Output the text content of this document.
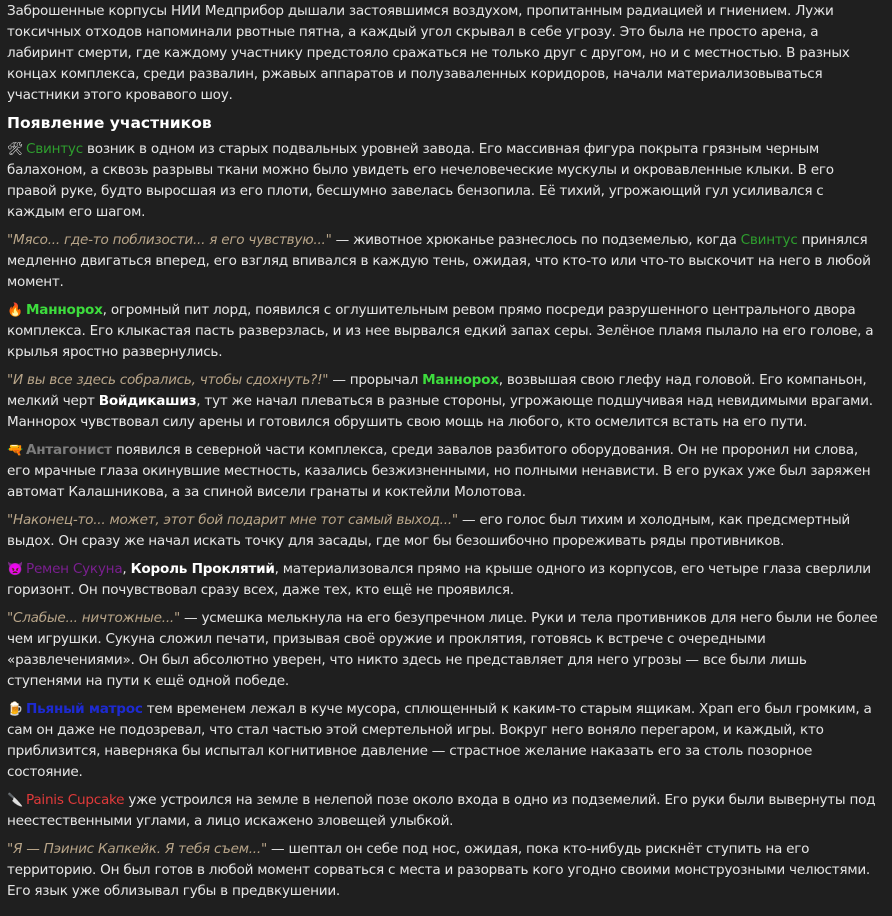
Заброшенные корпусы НИИ Медприбор дышали застоявшимся воздухом, пропитанным радиацией и гниением. Лужи токсичных отходов напоминали рвотные пятна, а каждый угол скрывал в себе угрозу. Это была не просто арена, а лабиринт смерти, где каждому участнику предстояло сражаться не только друг с другом, но и с местностью. В разных концах комплекса, среди развалин, ржавых аппаратов и полузаваленных коридоров, начали материализовываться участники этого кровавого шоу.

Появление участников

🛠 Свинтус возник в одном из старых подвальных уровней завода. Его массивная фигура покрыта грязным черным балахоном, а сквозь разрывы ткани можно было увидеть его нечеловеческие мускулы и окровавленные клыки. В его правой руке, будто выросшая из его плоти, бесшумно завелась бензопила. Её тихий, угрожающий гул усиливался с каждым его шагом.

"Мясо... где-то поблизости... я его чувствую..." — животное хрюканье разнеслось по подземелью, когда Свинтус принялся медленно двигаться вперед, его взгляд впивался в каждую тень, ожидая, что кто-то или что-то выскочит на него в любой момент.

🔥 Маннорох, огромный пит лорд, появился с оглушительным ревом прямо посреди разрушенного центрального двора комплекса. Его клыкастая пасть разверзлась, и из нее вырвался едкий запах серы. Зелёное пламя пылало на его голове, а крылья яростно развернулись.

"И вы все здесь собрались, чтобы сдохнуть?!" — прорычал Маннорох, возвышая свою глефу над головой. Его компаньон, мелкий черт Войдикашиз, тут же начал плеваться в разные стороны, угрожающе подшучивая над невидимыми врагами. Маннорох чувствовал силу арены и готовился обрушить свою мощь на любого, кто осмелится встать на его пути.

🔫 Антагонист появился в северной части комплекса, среди завалов разбитого оборудования. Он не проронил ни слова, его мрачные глаза окинувшие местность, казались безжизненными, но полными ненависти. В его руках уже был заряжен автомат Калашникова, а за спиной висели гранаты и коктейли Молотова.

"Наконец-то... может, этот бой подарит мне тот самый выход..." — его голос был тихим и холодным, как предсмертный выдох. Он сразу же начал искать точку для засады, где мог бы безошибочно прореживать ряды противников.

👿 Ремен Сукуна, Король Проклятий, материализовался прямо на крыше одного из корпусов, его четыре глаза сверлили горизонт. Он почувствовал сразу всех, даже тех, кто ещё не проявился.

"Слабые... ничтожные..." — усмешка мелькнула на его безупречном лице. Руки и тела противников для него были не более чем игрушки. Сукуна сложил печати, призывая своё оружие и проклятия, готовясь к встрече с очередными «развлечениями». Он был абсолютно уверен, что никто здесь не представляет для него угрозы — все были лишь ступенями на пути к ещё одной победе.

🍺 Пьяный матрос тем временем лежал в куче мусора, сплющенный к каким-то старым ящикам. Храп его был громким, а сам он даже не подозревал, что стал частью этой смертельной игры. Вокруг него воняло перегаром, и каждый, кто приблизится, наверняка бы испытал когнитивное давление — страстное желание наказать его за столь позорное состояние.

🔪 Painis Cupcake уже устроился на земле в нелепой позе около входа в одно из подземелий. Его руки были вывернуты под неестественными углами, а лицо искажено зловещей улыбкой.

"Я — Пэинис Капкейк. Я тебя съем..." — шептал он себе под нос, ожидая, пока кто-нибудь рискнёт ступить на его территорию. Он был готов в любой момент сорваться с места и разорвать кого угодно своими монструозными челюстями. Его язык уже облизывал губы в предвкушении.
